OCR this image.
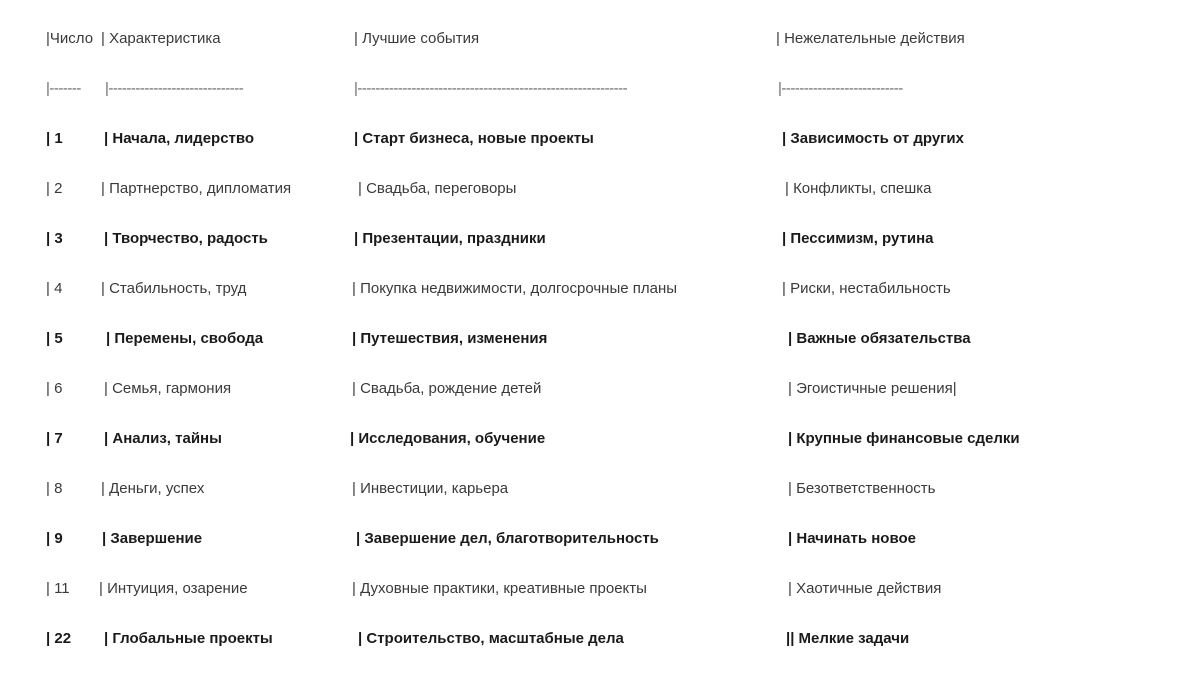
|Число | Характеристика	| Лучшие события	| Нежелательные действия
|------- |------------------------------	|------------------------------------------------------------	|---------------------------
| 1	| Начала, лидерство	| Старт бизнеса, новые проекты	| Зависимость от других
| 2	| Партнерство, дипломатия	| Свадьба, переговоры	| Конфликты, спешка
| 3	| Творчество, радость	| Презентации, праздники	| Пессимизм, рутина
| 4	| Стабильность, труд	| Покупка недвижимости, долгосрочные планы	| Риски, нестабильность
| 5	| Перемены, свобода	| Путешествия, изменения	| Важные обязательства
| 6	| Семья, гармония	| Свадьба, рождение детей	| Эгоистичные решения|
| 7	| Анализ, тайны	| Исследования, обучение	| Крупные финансовые сделки
| 8	| Деньги, успех	| Инвестиции, карьера	| Безответственность
| 9	| Завершение	| Завершение дел, благотворительность	| Начинать новое
| 11 | Интуиция, озарение	| Духовные практики, креативные проекты	| Хаотичные действия
| 22 | Глобальные проекты	| Строительство, масштабные дела	|| Мелкие задачи
